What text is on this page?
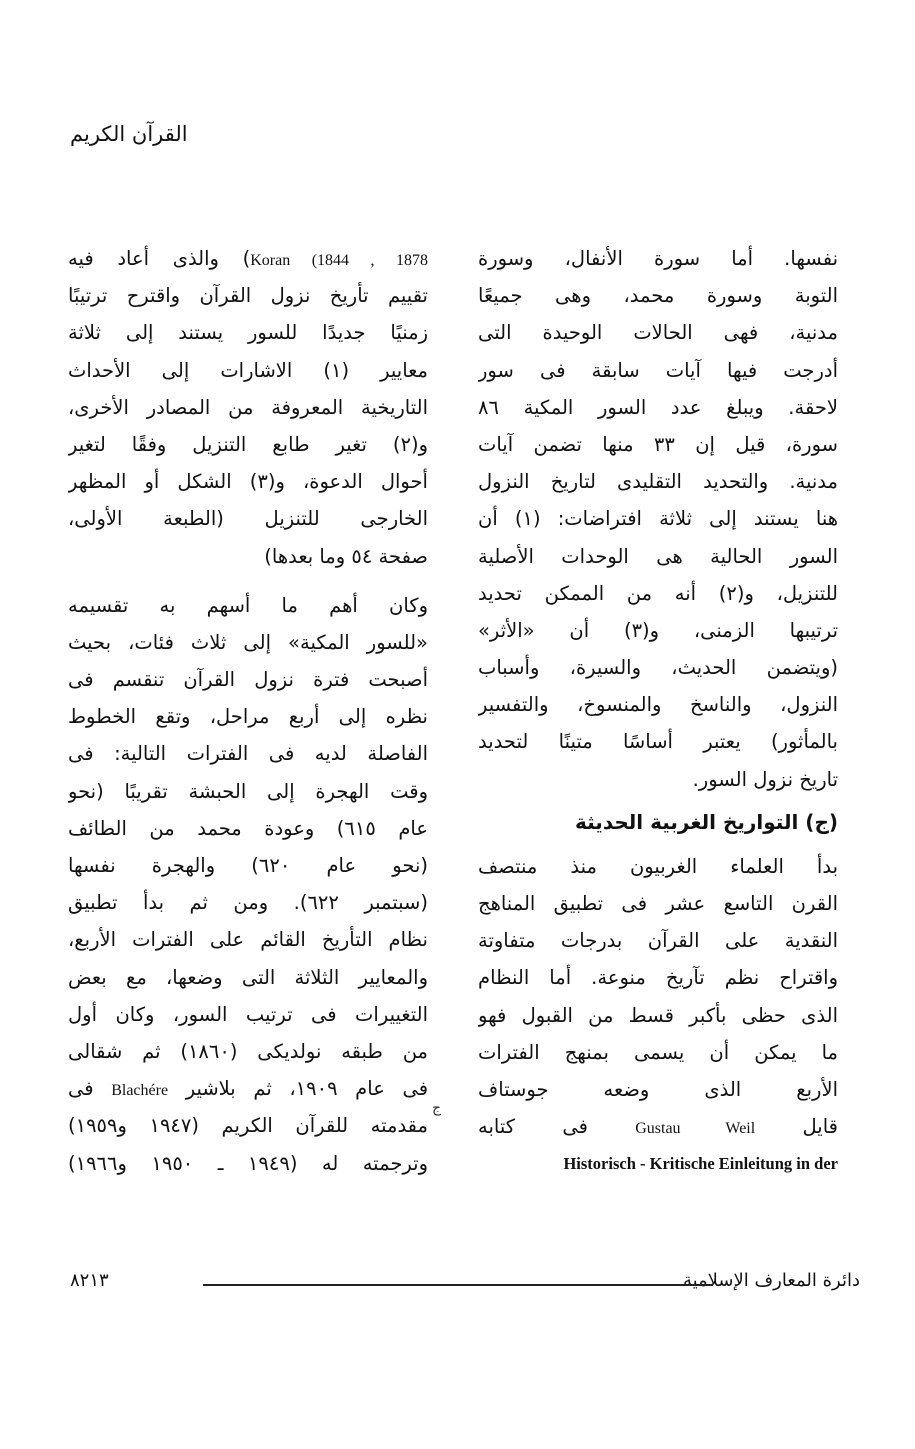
القرآن الكريم
نفسها. أما سورة الأنفال، وسورة
التوبة وسورة محمد، وهى جميعًا
مدنية، فهى الحالات الوحيدة التى
أدرجت فيها آيات سابقة فى سور
لاحقة. ويبلغ عدد السور المكية ٨٦
سورة، قيل إن ٣٣ منها تضمن آيات
مدنية. والتحديد التقليدى لتاريخ النزول
هنا يستند إلى ثلاثة افتراضات: (١) أن
السور الحالية هى الوحدات الأصلية
للتنزيل، و(٢) أنه من الممكن تحديد
ترتيبها الزمنى، و(٣) أن «الأثر»
(ويتضمن الحديث، والسيرة، وأسباب
النزول، والناسخ والمنسوخ، والتفسير
بالمأثور) يعتبر أساسًا متينًا لتحديد
تاريخ نزول السور.
(ج) التواريخ الغربية الحديثة
بدأ العلماء الغربيون منذ منتصف
القرن التاسع عشر فى تطبيق المناهج
النقدية على القرآن بدرجات متفاوتة
واقتراح نظم تآريخ منوعة. أما النظام
الذى حظى بأكبر قسط من القبول فهو
ما يمكن أن يسمى بمنهج الفترات
الأربع الذى وضعه جوستاف
قايل Gustau Weil فى كتابه
Historisch - Kritische Einleitung in der
Koran (1844 , 1878) والذى أعاد فيه
تقييم تأريخ نزول القرآن واقترح ترتيبًا
زمنيًا جديدًا للسور يستند إلى ثلاثة
معايير (١) الاشارات إلى الأحداث
التاريخية المعروفة من المصادر الأخرى،
و(٢) تغير طابع التنزيل وفقًا لتغير
أحوال الدعوة، و(٣) الشكل أو المظهر
الخارجى للتنزيل (الطبعة الأولى،
صفحة ٥٤ وما بعدها)
وكان أهم ما أسهم به تقسيمه
«للسور المكية» إلى ثلاث فئات، بحيث
أصبحت فترة نزول القرآن تنقسم فى
نظره إلى أربع مراحل، وتقع الخطوط
الفاصلة لديه فى الفترات التالية: فى
وقت الهجرة إلى الحبشة تقريبًا (نحو
عام ٦١٥) وعودة محمد من الطائف
(نحو عام ٦٢٠) والهجرة نفسها
(سبتمبر ٦٢٢). ومن ثم بدأ تطبيق
نظام التأريخ القائم على الفترات الأربع،
والمعايير الثلاثة التى وضعها، مع بعض
التغييرات فى ترتيب السور، وكان أول
من طبقه نولديكى (١٨٦٠) ثم شقالى
فى عام ١٩٠٩، ثم بلاشير Blachére فى
مقدمته للقرآن الكريم (١٩٤٧ و١٩٥٩)
وترجمته له (١٩٤٩ ـ ١٩٥٠ و١٩٦٦)
ج
دائرة المعارف الإسلامية
٨٢١٣
